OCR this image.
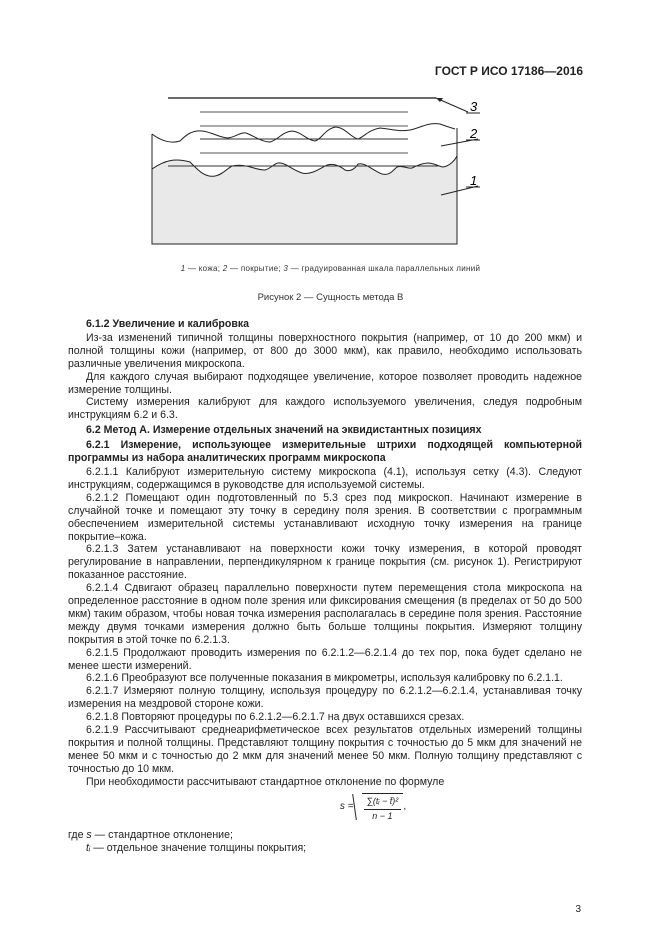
ГОСТ Р ИСО 17186—2016
3
2
1
1 — кожа; 2 — покрытие; 3 — градуированная шкала параллельных линий
Рисунок 2 — Сущность метода В

6.1.2 Увеличение и калибровка

Из-за изменений типичной толщины поверхностного покрытия (например, от 10 до 200 мкм) и полной толщины кожи (например, от 800 до 3000 мкм), как правило, необходимо использовать различные увеличения микроскопа.

Для каждого случая выбирают подходящее увеличение, которое позволяет проводить надежное измерение толщины.

Систему измерения калибруют для каждого используемого увеличения, следуя подробным инструкциям 6.2 и 6.3.

6.2 Метод А. Измерение отдельных значений на эквидистантных позициях

6.2.1 Измерение, использующее измерительные штрихи подходящей компьютерной программы из набора аналитических программ микроскопа

6.2.1.1 Калибруют измерительную систему микроскопа (4.1), используя сетку (4.3). Следуют инструкциям, содержащимся в руководстве для используемой системы.

6.2.1.2 Помещают один подготовленный по 5.3 срез под микроскоп. Начинают измерение в случайной точке и помещают эту точку в середину поля зрения. В соответствии с программным обеспечением измерительной системы устанавливают исходную точку измерения на границе покрытие–кожа.

6.2.1.3 Затем устанавливают на поверхности кожи точку измерения, в которой проводят регулирование в направлении, перпендикулярном к границе покрытия (см. рисунок 1). Регистрируют показанное расстояние.

6.2.1.4 Сдвигают образец параллельно поверхности путем перемещения стола микроскопа на определенное расстояние в одном поле зрения или фиксирования смещения (в пределах от 50 до 500 мкм) таким образом, чтобы новая точка измерения располагалась в середине поля зрения. Расстояние между двумя точками измерения должно быть больше толщины покрытия. Измеряют толщину покрытия в этой точке по 6.2.1.3.

6.2.1.5 Продолжают проводить измерения по 6.2.1.2—6.2.1.4 до тех пор, пока будет сделано не менее шести измерений.

6.2.1.6 Преобразуют все полученные показания в микрометры, используя калибровку по 6.2.1.1.

6.2.1.7 Измеряют полную толщину, используя процедуру по 6.2.1.2—6.2.1.4, устанавливая точку измерения на мездровой стороне кожи.

6.2.1.8 Повторяют процедуры по 6.2.1.2—6.2.1.7 на двух оставшихся срезах.

6.2.1.9 Рассчитывают среднеарифметическое всех результатов отдельных измерений толщины покрытия и полной толщины. Представляют толщину покрытия с точностью до 5 мкм для значений не менее 50 мкм и с точностью до 2 мкм для значений менее 50 мкм. Полную толщину представляют с точностью до 10 мкм.

При необходимости рассчитывают стандартное отклонение по формуле

$s = \frac{\text{∑(tᵢ − t̄)²}}{n - 1}$ ,

где s — стандартное отклонение;

tᵢ — отдельное значение толщины покрытия;

3
